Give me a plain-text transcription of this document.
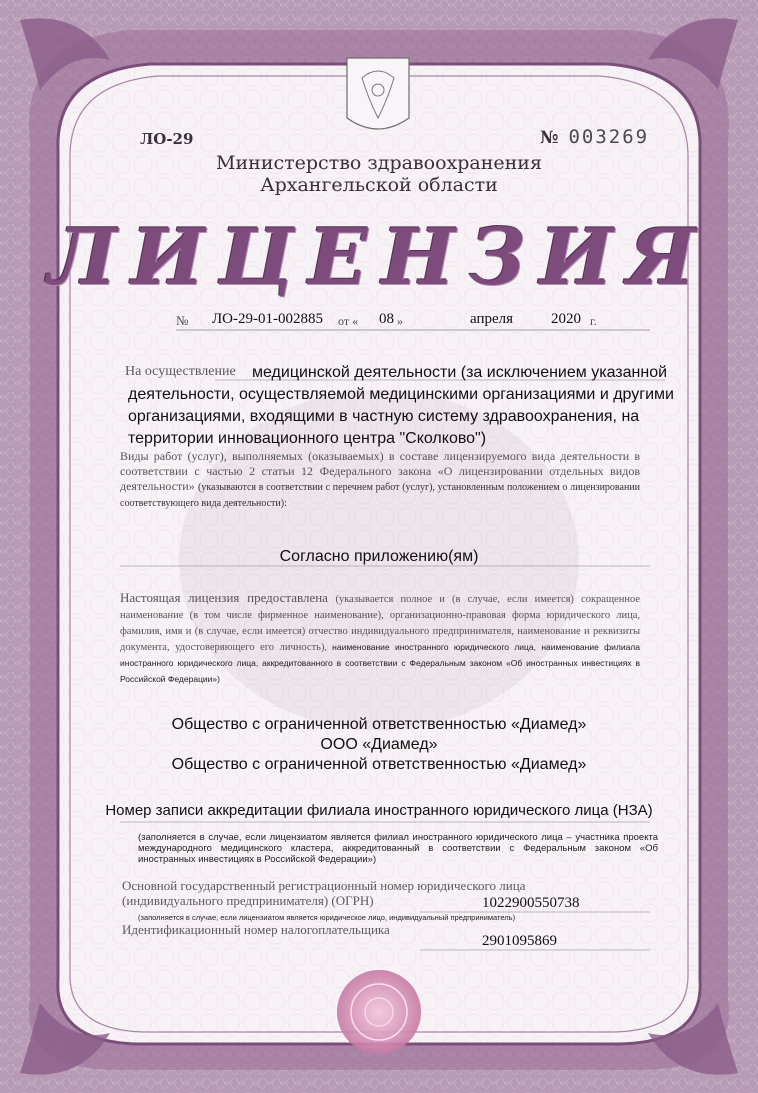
ЛО-29	№ 003269
Министерство здравоохранения
Архангельской области
ЛИЦЕНЗИЯ
№ ЛО-29-01-002885 от « 08 »	апреля	2020 г.
На осуществление медицинской деятельности (за исключением указанной
деятельности, осуществляемой медицинскими организациями и другими
организациями, входящими в частную систему здравоохранения, на
территории инновационного центра "Сколково")
Виды работ (услуг), выполняемых (оказываемых) в составе лицензируемого вида деятельности в соответствии с частью 2 статьи 12 Федерального закона «О лицензировании отдельных видов деятельности» (указываются в соответствии с перечнем работ (услуг), установленным положением о лицензировании соответствующего вида деятельности):
Согласно приложению(ям)
Настоящая лицензия предоставлена (указывается полное и (в случае, если имеется) сокращенное наименование (в том числе фирменное наименование), организационно-правовая форма юридического лица, фамилия, имя и (в случае, если имеется) отчество индивидуального предпринимателя, наименование и реквизиты документа, удостоверяющего его личность), наименование иностранного юридического лица, наименование филиала иностранного юридического лица, аккредитованного в соответствии с Федеральным законом «Об иностранных инвестициях в Российской Федерации»)
Общество с ограниченной ответственностью «Диамед»
ООО «Диамед»
Общество с ограниченной ответственностью «Диамед»
Номер записи аккредитации филиала иностранного юридического лица (НЗА)
(заполняется в случае, если лицензиатом является филиал иностранного юридического лица – участника проекта международного медицинского кластера, аккредитованный в соответствии с Федеральным законом «Об иностранных инвестициях в Российской Федерации»)
Основной государственный регистрационный номер юридического лица
(индивидуального предпринимателя) (ОГРН)	1022900550738
(заполняется в случае, если лицензиатом является юридическое лицо, индивидуальный предприниматель)
Идентификационный номер налогоплательщика
2901095869
